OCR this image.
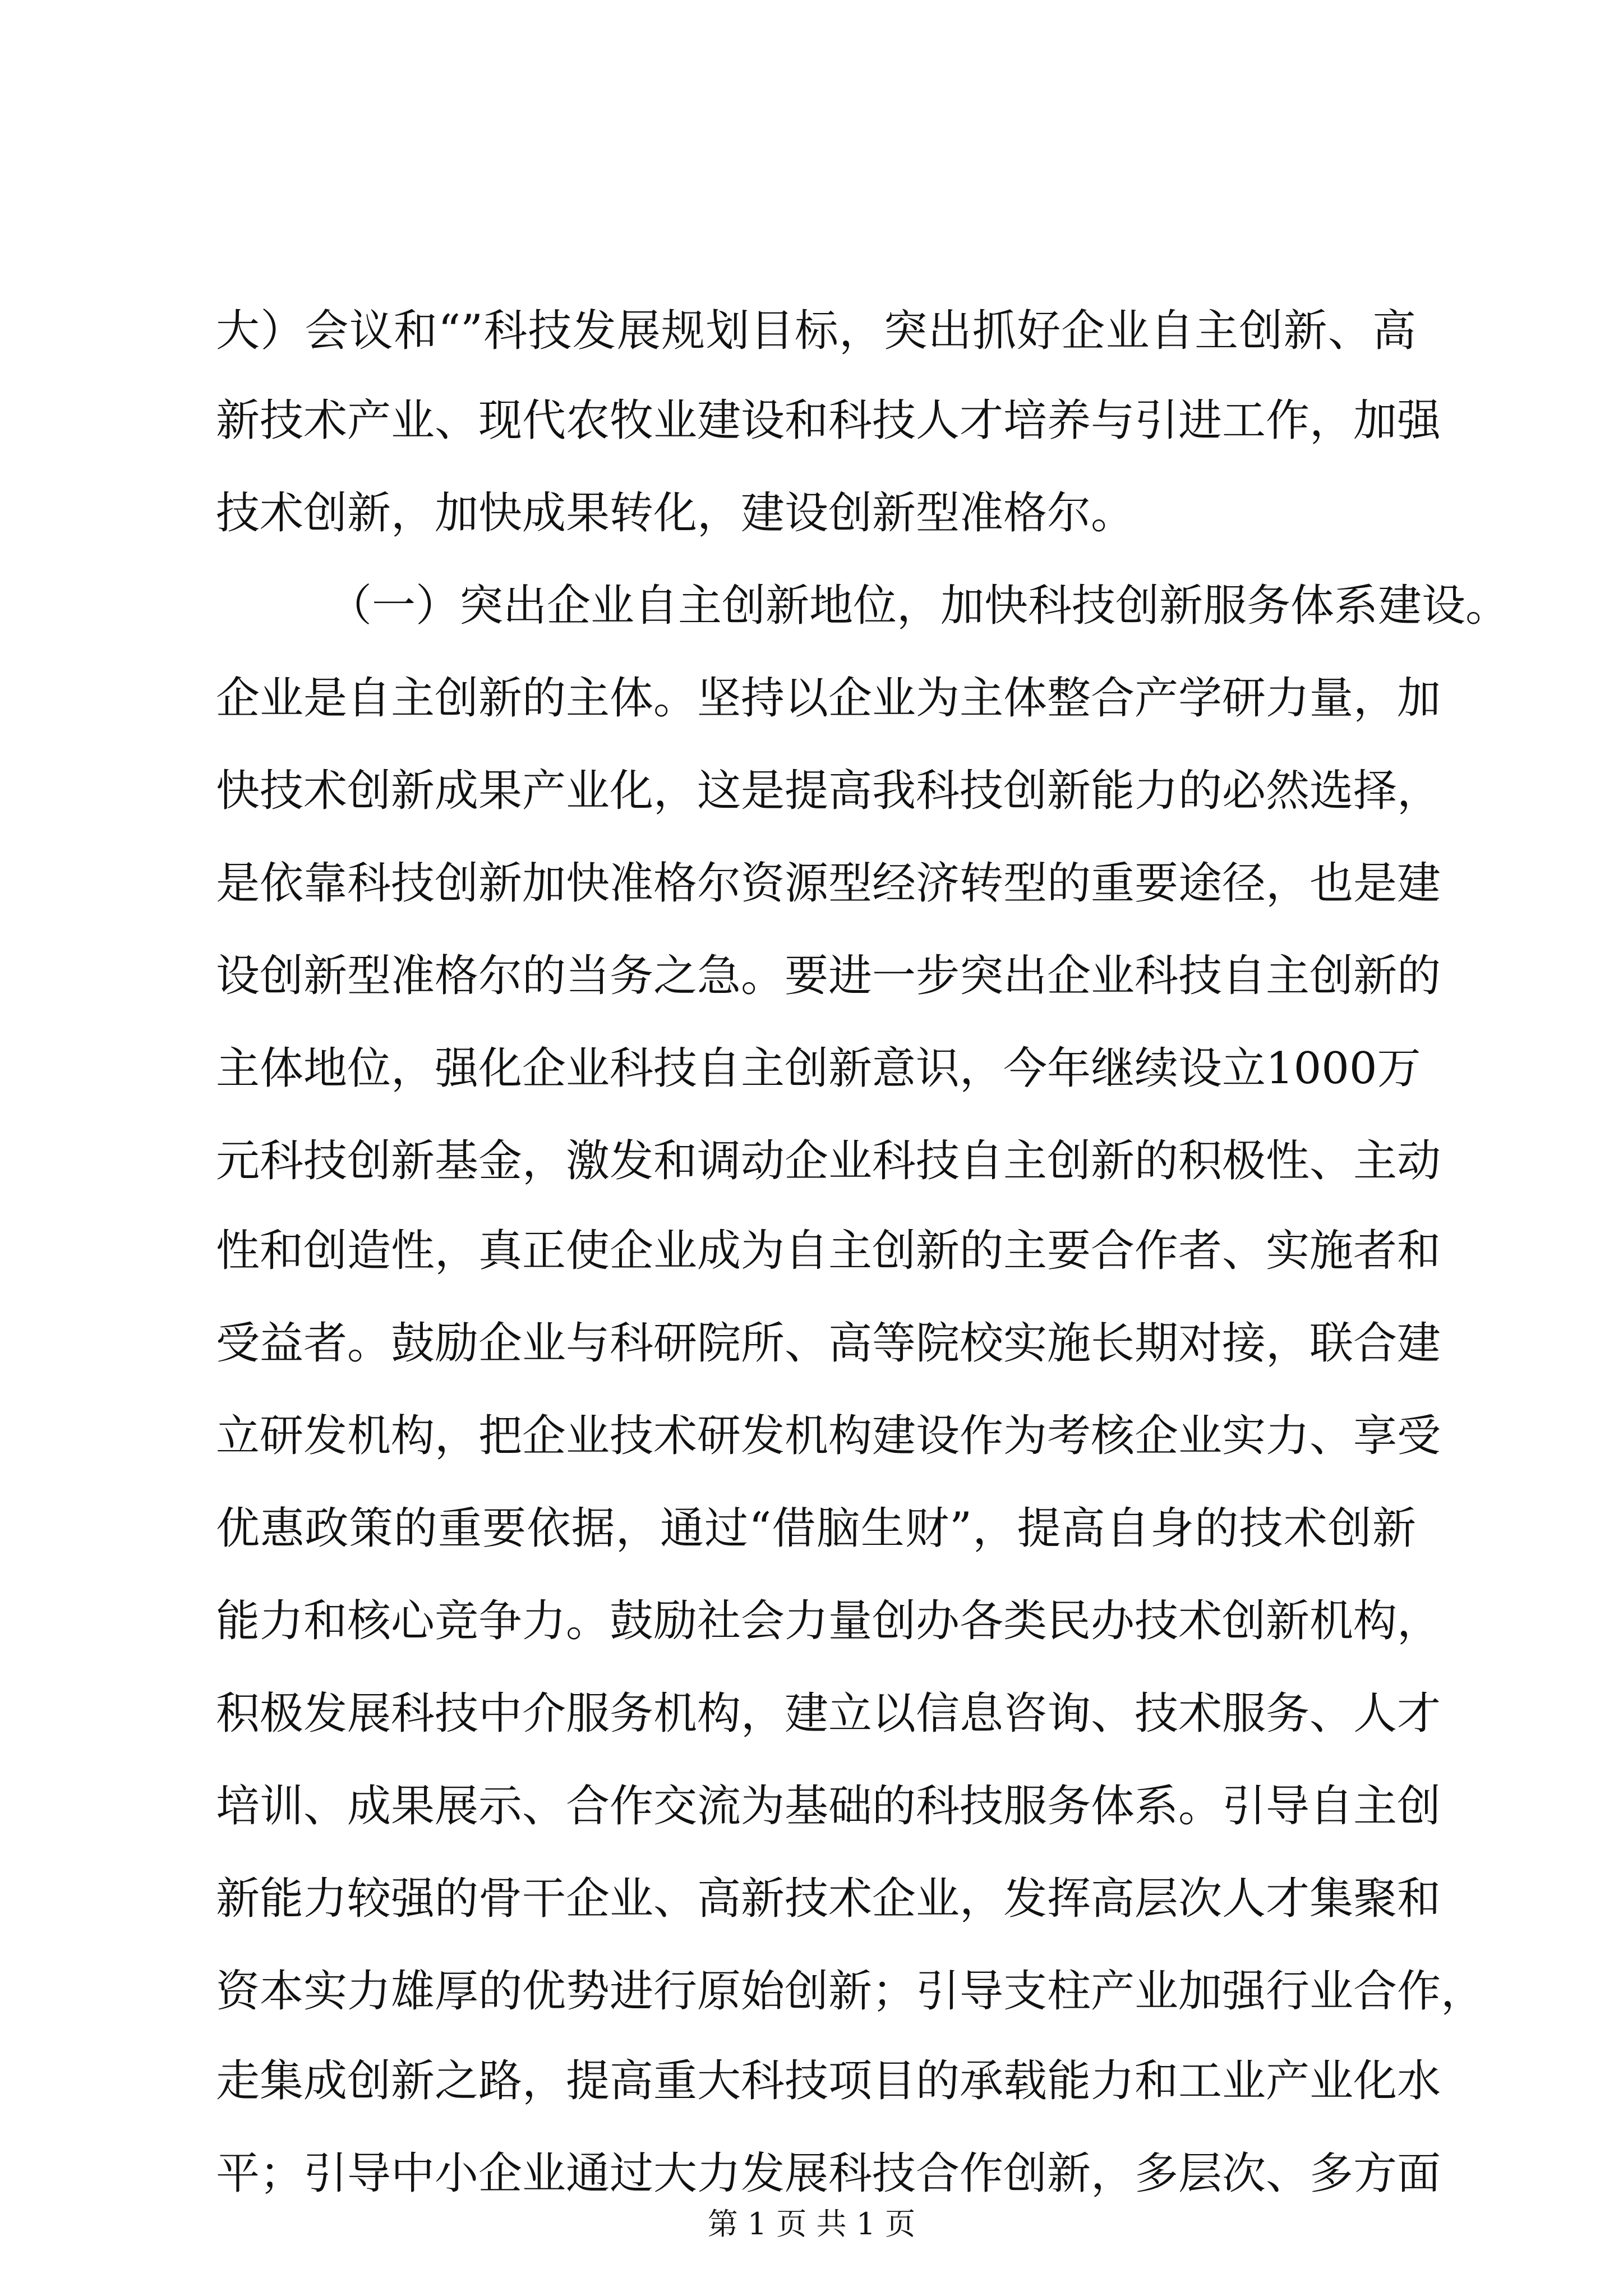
大）会议和“”科技发展规划目标，突出抓好企业自主创新、高
新技术产业、现代农牧业建设和科技人才培养与引进工作，加强
技术创新，加快成果转化，建设创新型准格尔。
（一）突出企业自主创新地位，加快科技创新服务体系建设。
企业是自主创新的主体。坚持以企业为主体整合产学研力量，加
快技术创新成果产业化，这是提高我科技创新能力的必然选择，
是依靠科技创新加快准格尔资源型经济转型的重要途径，也是建
设创新型准格尔的当务之急。要进一步突出企业科技自主创新的
主体地位，强化企业科技自主创新意识，今年继续设立1000万
元科技创新基金，激发和调动企业科技自主创新的积极性、主动
性和创造性，真正使企业成为自主创新的主要合作者、实施者和
受益者。鼓励企业与科研院所、高等院校实施长期对接，联合建
立研发机构，把企业技术研发机构建设作为考核企业实力、享受
优惠政策的重要依据，通过“借脑生财”，提高自身的技术创新
能力和核心竞争力。鼓励社会力量创办各类民办技术创新机构，
积极发展科技中介服务机构，建立以信息咨询、技术服务、人才
培训、成果展示、合作交流为基础的科技服务体系。引导自主创
新能力较强的骨干企业、高新技术企业，发挥高层次人才集聚和
资本实力雄厚的优势进行原始创新；引导支柱产业加强行业合作，
走集成创新之路，提高重大科技项目的承载能力和工业产业化水
平；引导中小企业通过大力发展科技合作创新，多层次、多方面
第 1 页 共 1 页
